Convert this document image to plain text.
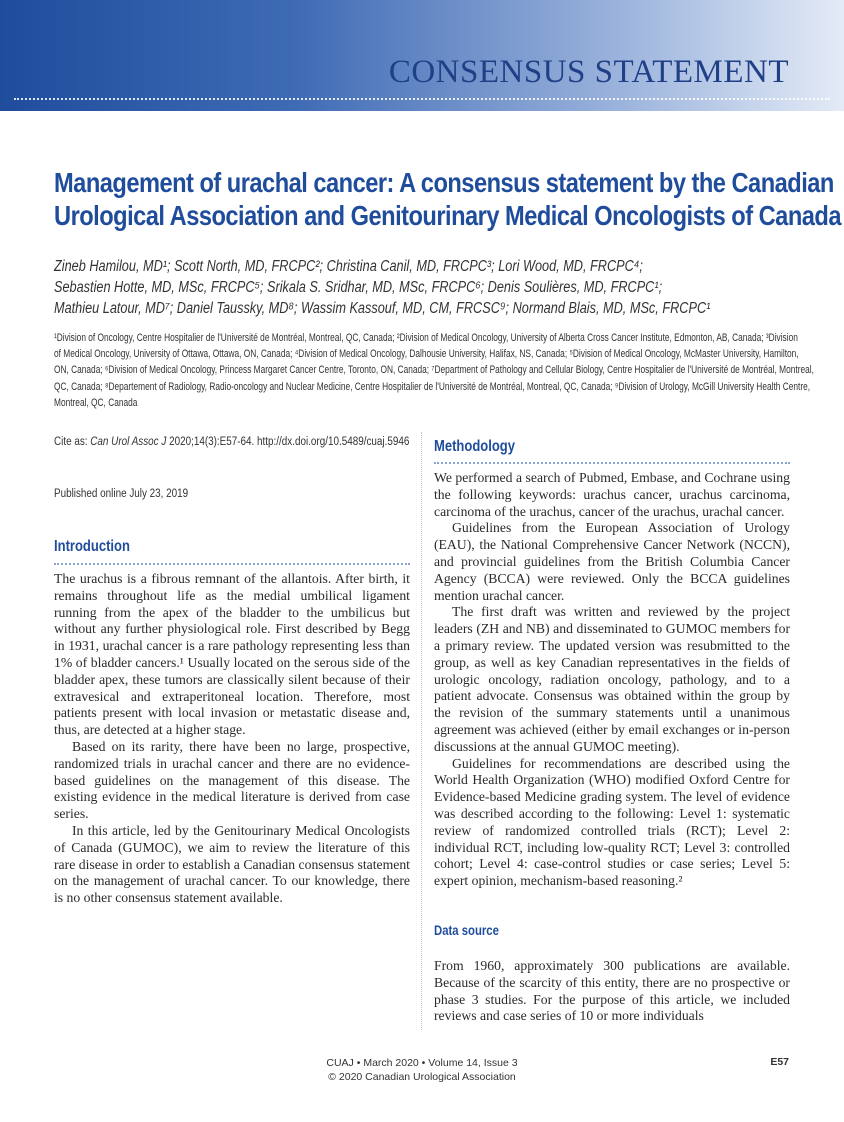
CONSENSUS STATEMENT
Management of urachal cancer: A consensus statement by the Canadian
Urological Association and Genitourinary Medical Oncologists of Canada
Zineb Hamilou, MD¹; Scott North, MD, FRCPC²; Christina Canil, MD, FRCPC³; Lori Wood, MD, FRCPC⁴;
Sebastien Hotte, MD, MSc, FRCPC⁵; Srikala S. Sridhar, MD, MSc, FRCPC⁶; Denis Soulières, MD, FRCPC¹;
Mathieu Latour, MD⁷; Daniel Taussky, MD⁸; Wassim Kassouf, MD, CM, FRCSC⁹; Normand Blais, MD, MSc, FRCPC¹
¹Division of Oncology, Centre Hospitalier de l'Université de Montréal, Montreal, QC, Canada; ²Division of Medical Oncology, University of Alberta Cross Cancer Institute, Edmonton, AB, Canada; ³Division
of Medical Oncology, University of Ottawa, Ottawa, ON, Canada; ⁴Division of Medical Oncology, Dalhousie University, Halifax, NS, Canada; ⁵Division of Medical Oncology, McMaster University, Hamilton,
ON, Canada; ⁶Division of Medical Oncology, Princess Margaret Cancer Centre, Toronto, ON, Canada; ⁷Department of Pathology and Cellular Biology, Centre Hospitalier de l'Université de Montréal, Montreal,
QC, Canada; ⁸Departement of Radiology, Radio-oncology and Nuclear Medicine, Centre Hospitalier de l'Université de Montréal, Montreal, QC, Canada; ⁹Division of Urology, McGill University Health Centre,
Montreal, QC, Canada
Cite as: Can Urol Assoc J 2020;14(3):E57-64. http://dx.doi.org/10.5489/cuaj.5946
Published online July 23, 2019
Introduction

The urachus is a fibrous remnant of the allantois. After birth, it remains throughout life as the medial umbilical ligament running from the apex of the bladder to the umbilicus but without any further physiological role. First described by Begg in 1931, urachal cancer is a rare pathology representing less than 1% of bladder cancers.¹ Usually located on the serous side of the bladder apex, these tumors are classically silent because of their extravesical and extraperitoneal location. Therefore, most patients present with local invasion or metastatic disease and, thus, are detected at a higher stage.

Based on its rarity, there have been no large, prospective, randomized trials in urachal cancer and there are no evidence-based guidelines on the management of this disease. The existing evidence in the medical literature is derived from case series.

In this article, led by the Genitourinary Medical Oncologists of Canada (GUMOC), we aim to review the literature of this rare disease in order to establish a Canadian consensus statement on the management of urachal cancer. To our knowledge, there is no other consensus statement available.

Methodology

We performed a search of Pubmed, Embase, and Cochrane using the following keywords: urachus cancer, urachus carcinoma, carcinoma of the urachus, cancer of the urachus, urachal cancer.

Guidelines from the European Association of Urology (EAU), the National Comprehensive Cancer Network (NCCN), and provincial guidelines from the British Columbia Cancer Agency (BCCA) were reviewed. Only the BCCA guidelines mention urachal cancer.

The first draft was written and reviewed by the project leaders (ZH and NB) and disseminated to GUMOC members for a primary review. The updated version was resubmitted to the group, as well as key Canadian representatives in the fields of urologic oncology, radiation oncology, pathology, and to a patient advocate. Consensus was obtained within the group by the revision of the summary statements until a unanimous agreement was achieved (either by email exchanges or in-person discussions at the annual GUMOC meeting).

Guidelines for recommendations are described using the World Health Organization (WHO) modified Oxford Centre for Evidence-based Medicine grading system. The level of evidence was described according to the following: Level 1: systematic review of randomized controlled trials (RCT); Level 2: individual RCT, including low-quality RCT; Level 3: controlled cohort; Level 4: case-control studies or case series; Level 5: expert opinion, mechanism-based reasoning.²

Data source

From 1960, approximately 300 publications are available. Because of the scarcity of this entity, there are no prospective or phase 3 studies. For the purpose of this article, we included reviews and case series of 10 or more individuals

CUAJ • March 2020 • Volume 14, Issue 3
© 2020 Canadian Urological Association
E57
